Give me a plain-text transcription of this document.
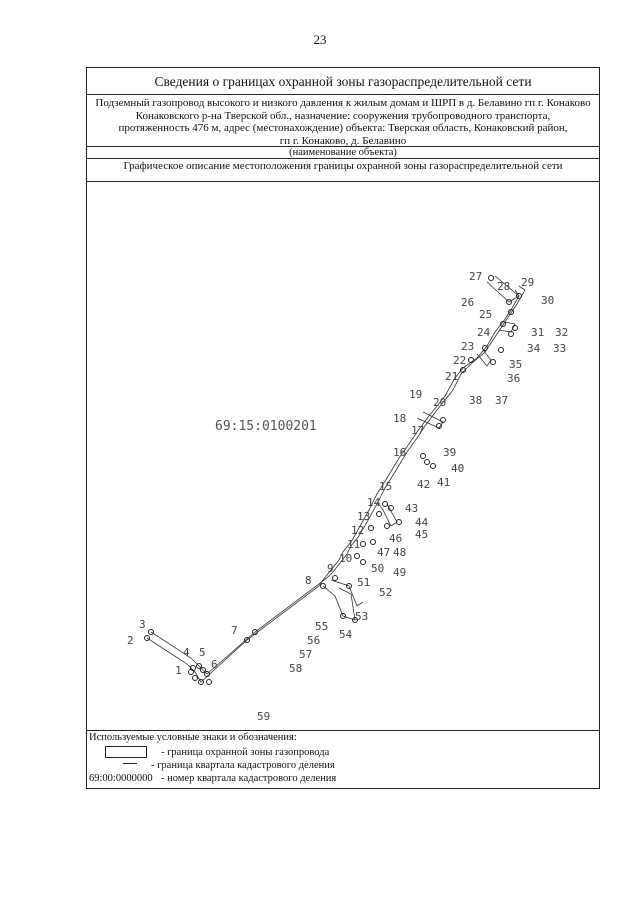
23
Сведения о границах охранной зоны газораспределительной сети
Подземный газопровод высокого и низкого давления к жилым домам и ШРП в д. Белавино гп г. Конаково
Конаковского р-на Тверской обл., назначение: сооружения трубопроводного транспорта,
протяженность 476 м, адрес (местонахождение) объекта: Тверская область, Конаковский район,
гп г. Конаково, д. Белавино
(наименование объекта)
Графическое описание местоположения границы охранной зоны газораспределительной сети
69:15:0100201
1
2
3
4 5
6
7
8
9
10
11
12
13
14
15
16
17
18
19
20
21
22
23
24
25
26
27
28 29
30
31 32
33
34
35
36
37
38
39
40
41
42
43
44
45
46
47 48
49
50
51
52
53
54
55
56
57
58
59
Используемые условные знаки и обозначения:
- граница охранной зоны газопровода
- граница квартала кадастрового деления
69:00:0000000 - номер квартала кадастрового деления
